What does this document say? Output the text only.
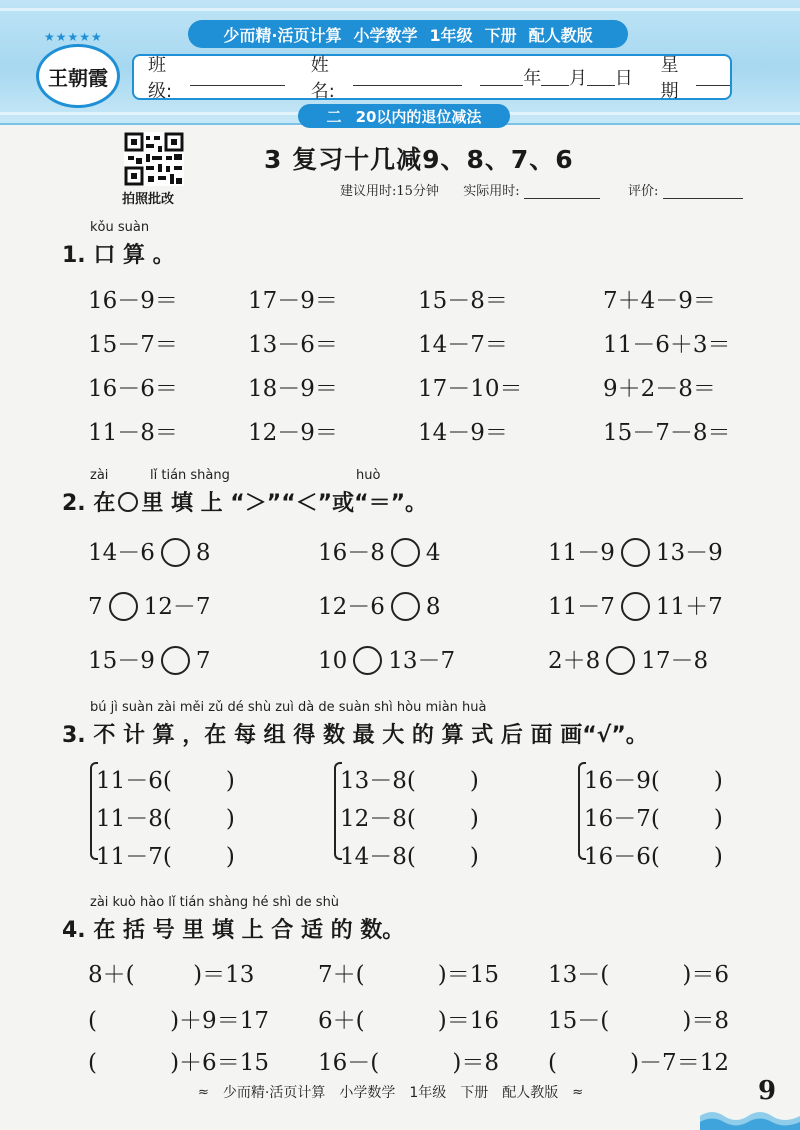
★★★★★
王朝霞
少而精·活页计算 小学数学 1年级 下册 配人教版
班级:
姓名:
年 月 日
星期
二 20以内的退位减法
拍照批改
3 复习十几减9、8、7、6
建议用时:15分钟 实际用时:	评价:
kǒu suàn
1. 口 算 。
16－9＝	17－9＝	15－8＝	7＋4－9＝
15－7＝	13－6＝	14－7＝	11－6＋3＝
16－6＝	18－9＝	17－10＝	9＋2－8＝
11－8＝	12－9＝	14－9＝	15－7－8＝
zài	lǐ tián shàng	huò
2. 在 里 填 上 “＞”“＜”或“＝”。
14－6 8	16－8 4	11－9 13－9
7 12－7	12－6 8	11－7 11＋7
15－9 7	10 13－7	2＋8 17－8
bú jì suàn zài měi zǔ dé shù zuì dà de suàn shì hòu miàn huà
3. 不 计 算 ，在 每 组 得 数 最 大 的 算 式 后 面 画“√”。
11－6( )
11－8( )
11－7( )
13－8( )
12－8( )
14－8( )
16－9( )
16－7( )
16－6( )
zài kuò hào lǐ tián shàng hé shì de shù
4. 在 括 号 里 填 上 合 适 的 数。
8＋(        )＝13	7＋(          )＝15 13－(          )＝6
(          )＋9＝17 6＋(          )＝16 15－(          )＝8
(          )＋6＝15 16－(          )＝8 (          )－7＝12
≈ 少而精·活页计算 小学数学 1年级 下册 配人教版 ≈	9
